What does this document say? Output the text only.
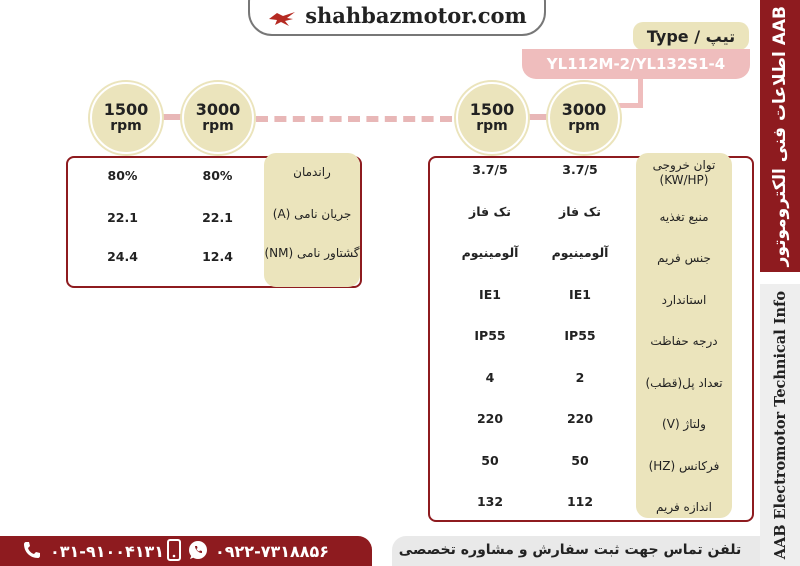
shahbazmotor.com
اطلاعات فنی الکتروموتور AAB
AAB Electromotor Technical Info
تیپ / Type
YL112M-2/YL132S1-4
3000
rpm
1500
rpm
3000
rpm
1500
rpm
راندمان
80%
80%
جریان نامی (A)
22.1
22.1
گشتاور نامی (NM)
12.4
24.4
توان خروجی
(KW/HP)
3.7/5
3.7/5
منبع تغذیه
تک فاز
تک فاز
جنس فریم
آلومینیوم
آلومینیوم
استاندارد
IE1
IE1
درجه حفاظت
IP55
IP55
تعداد پل(قطب)
2
4
ولتاژ (V)
220
220
فرکانس (HZ)
50
50
اندازه فریم
112
132
۰۳۱-۹۱۰۰۴۱۳۱	۰۹۲۲-۷۳۱۸۸۵۶	تلفن تماس جهت ثبت سفارش و مشاوره تخصصی
